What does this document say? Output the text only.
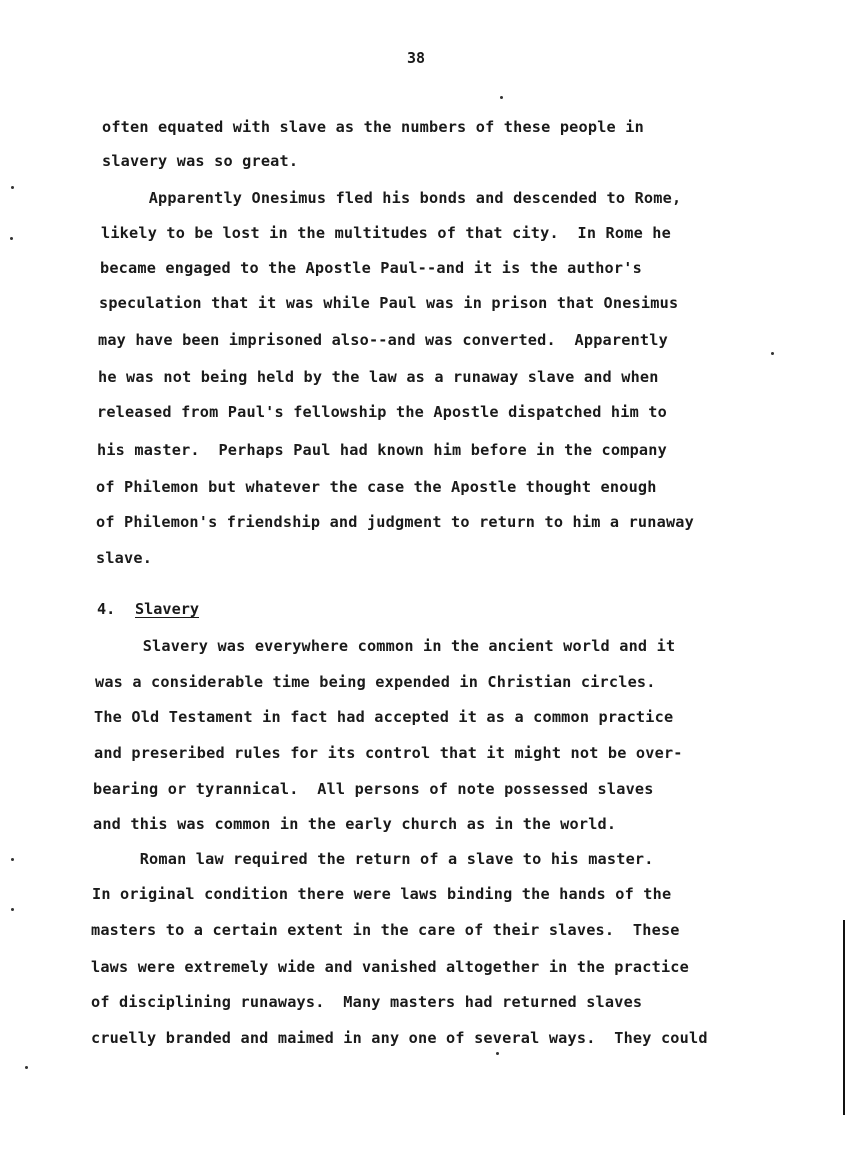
38
often equated with slave as the numbers of these people in
slavery was so great.
Apparently Onesimus fled his bonds and descended to Rome,
likely to be lost in the multitudes of that city.  In Rome he
became engaged to the Apostle Paul--and it is the author's
speculation that it was while Paul was in prison that Onesimus
may have been imprisoned also--and was converted.  Apparently
he was not being held by the law as a runaway slave and when
released from Paul's fellowship the Apostle dispatched him to
his master.  Perhaps Paul had known him before in the company
of Philemon but whatever the case the Apostle thought enough
of Philemon's friendship and judgment to return to him a runaway
slave.
4. Slavery
Slavery was everywhere common in the ancient world and it
was a considerable time being expended in Christian circles.
The Old Testament in fact had accepted it as a common practice
and preseribed rules for its control that it might not be over-
bearing or tyrannical.  All persons of note possessed slaves
and this was common in the early church as in the world.
Roman law required the return of a slave to his master.
In original condition there were laws binding the hands of the
masters to a certain extent in the care of their slaves.  These
laws were extremely wide and vanished altogether in the practice
of disciplining runaways.  Many masters had returned slaves
cruelly branded and maimed in any one of several ways.  They could
